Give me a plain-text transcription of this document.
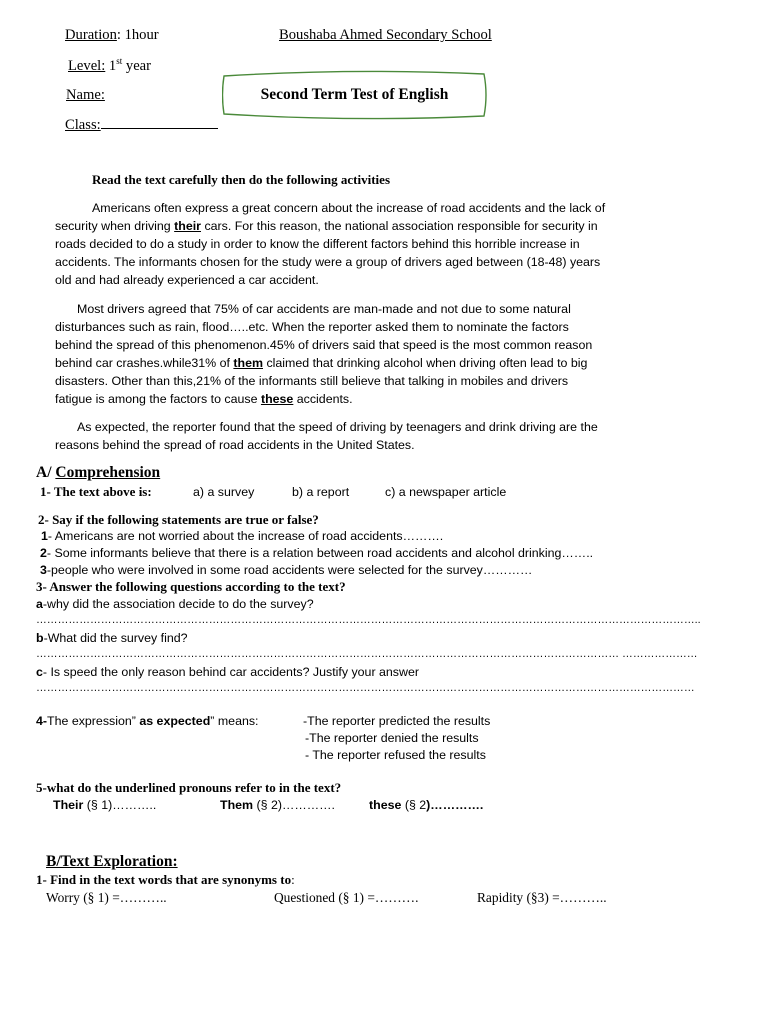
Duration: 1hour	Boushaba Ahmed Secondary School
Level: 1st year
Name:
Class:
Second Term Test of English
Read the text carefully then do the following activities
Americans often express a great concern about the increase of road accidents and the lack of
security when driving their cars. For this reason, the national association responsible for security in
roads decided to do a study in order to know the different factors behind this horrible increase in
accidents. The informants chosen for the study were a group of drivers aged between (18-48) years
old and had already experienced a car accident.
Most drivers agreed that 75% of car accidents are man-made and not due to some natural
disturbances such as rain, flood…..etc. When the reporter asked them to nominate the factors
behind the spread of this phenomenon.45% of drivers said that speed is the most common reason
behind car crashes.while31% of them claimed that drinking alcohol when driving often lead to big
disasters. Other than this,21% of the informants still believe that talking in mobiles and drivers
fatigue is among the factors to cause these accidents.
As expected, the reporter found that the speed of driving by teenagers and drink driving are the
reasons behind the spread of road accidents in the United States.
A/ Comprehension
1- The text above is:	a) a survey	b) a report	c) a newspaper article
2- Say if the following statements are true or false?
1- Americans are not worried about the increase of road accidents……….
2- Some informants believe that there is a relation between road accidents and alcohol drinking……..
3-people who were involved in some road accidents were selected for the survey…………
3- Answer the following questions according to the text?
a-why did the association decide to do the survey?
…………………………………………………………………………………………………………………………………………………………………..
b-What did the survey find?
……………………………………………………………………………………………………………………………………………… …………………
c- Is speed the only reason behind car accidents? Justify your answer
…………………………………………………………………………………………………………………………………………………………………
4-The expression” as expected” means:	-The reporter predicted the results
-The reporter denied the results
- The reporter refused the results
5-what do the underlined pronouns refer to in the text?
Their (§ 1)………..	Them (§ 2)………….	these (§ 2)………….
B/Text Exploration:
1- Find in the text words that are synonyms to:
Worry (§ 1) =………..	Questioned (§ 1) =……….	Rapidity (§3) =………..
